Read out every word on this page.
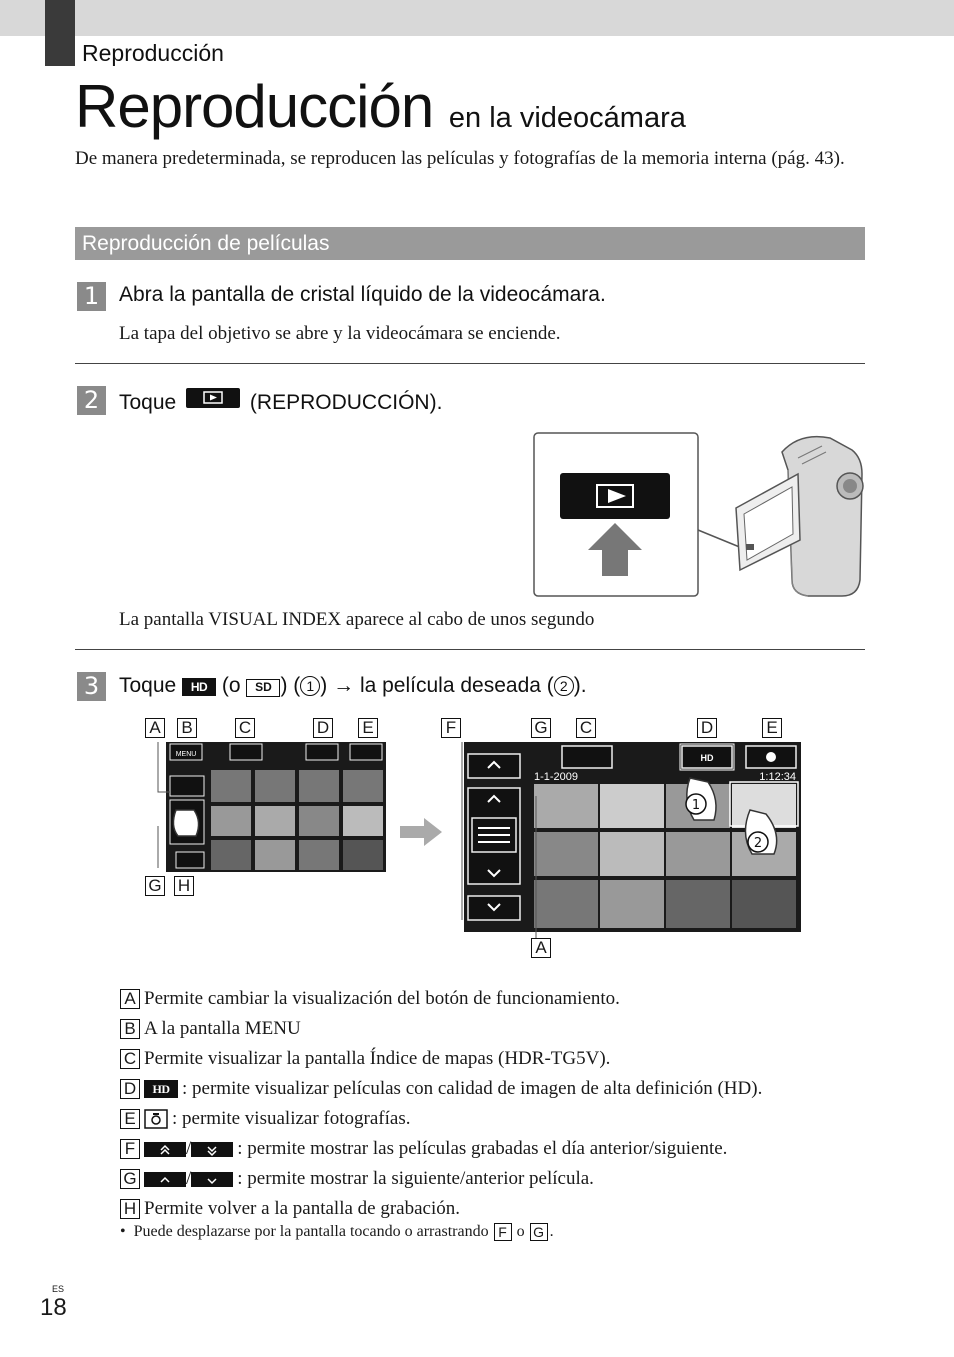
Reproducción
Reproducción en la videocámara
De manera predeterminada, se reproducen las películas y fotografías de la memoria interna (pág. 43).
Reproducción de películas
1 Abra la pantalla de cristal líquido de la videocámara.
La tapa del objetivo se abre y la videocámara se enciende.
2 Toque	(REPRODUCCIÓN).
La pantalla VISUAL INDEX aparece al cabo de unos segundo
3 Toque HD (o SD ) ( 1 ) → la película deseada ( 2 ).
A B	C	D E
G H
MENU
F	G C	D	E
A
1-1-2009	1:12:34
HD
1
2
A Permite cambiar la visualización del botón de funcionamiento.
B A la pantalla MENU
C Permite visualizar la pantalla Índice de mapas (HDR-TG5V).
D	HD : permite visualizar películas con calidad de imagen de alta definición (HD).
E : permite visualizar fotografías.
F	/ : permite mostrar las películas grabadas el día anterior/siguiente.
G	/ : permite mostrar la siguiente/anterior película.
H Permite volver a la pantalla de grabación.
• Puede desplazarse por la pantalla tocando o arrastrando F o G .
ES
18
